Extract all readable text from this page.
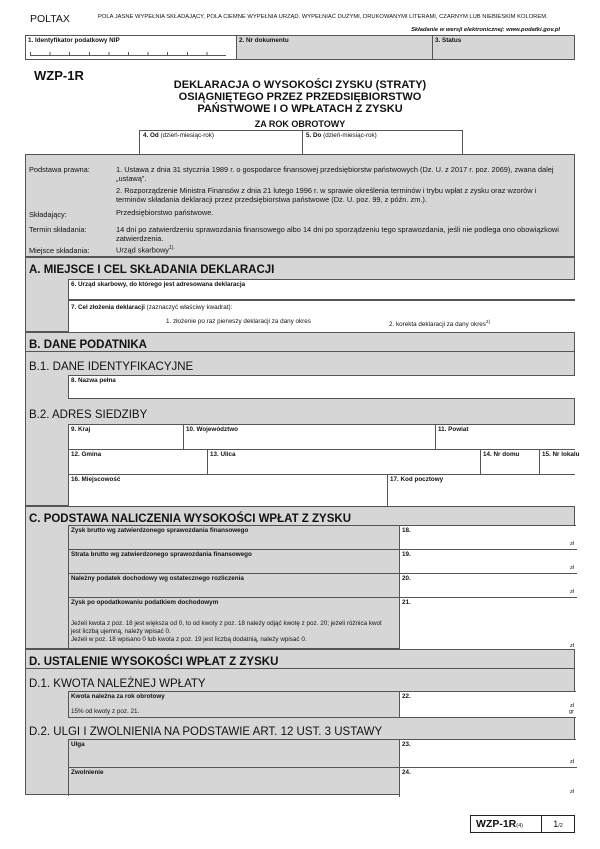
POLTAX	POLA JASNE WYPEŁNIA SKŁADAJĄCY, POLA CIEMNE WYPEŁNIA URZĄD. WYPEŁNIAĆ DUŻYMI, DRUKOWANYMI LITERAMI, CZARNYM LUB NIEBIESKIM KOLOREM.
Składanie w wersji elektronicznej: www.podatki.gov.pl
1. Identyfikator podatkowy NIP	2. Nr dokumentu	3. Status
WZP-1R
DEKLARACJA O WYSOKOŚCI ZYSKU (STRATY)
OSIĄGNIĘTEGO PRZEZ PRZEDSIĘBIORSTWO
PAŃSTWOWE I O WPŁATACH Z ZYSKU
ZA ROK OBROTOWY
4. Od (dzień-miesiąc-rok)	5. Do (dzień-miesiąc-rok)
Podstawa prawna:	1. Ustawa z dnia 31 stycznia 1989 r. o gospodarce finansowej przedsiębiorstw państwowych (Dz. U. z 2017 r. poz. 2069), zwana dalej „ustawą”.
2. Rozporządzenie Ministra Finansów z dnia 21 lutego 1996 r. w sprawie określenia terminów i trybu wpłat z zysku oraz wzorów i terminów składania deklaracji przez przedsiębiorstwa państwowe (Dz. U. poz. 99, z późn. zm.).
Składający:	Przedsiębiorstwo państwowe.
Termin składania:	14 dni po zatwierdzeniu sprawozdania finansowego albo 14 dni po sporządzeniu tego sprawozdania, jeśli nie podlega ono obowiązkowi zatwierdzenia.
Miejsce składania:	Urząd skarbowy$^{1).}$
A. MIEJSCE I CEL SKŁADANIA DEKLARACJI
6. Urząd skarbowy, do którego jest adresowana deklaracja
7. Cel złożenia deklaracji (zaznaczyć właściwy kwadrat):
1. złożenie po raz pierwszy deklaracji za dany okres	2. korekta deklaracji za dany okres$^{2)}$
B. DANE PODATNIKA
B.1. DANE IDENTYFIKACYJNE
8. Nazwa pełna
B.2. ADRES SIEDZIBY
9. Kraj	10. Województwo	11. Powiat
12. Gmina	13. Ulica	14. Nr domu	15. Nr lokalu
16. Miejscowość	17. Kod pocztowy
C. PODSTAWA NALICZENIA WYSOKOŚCI WPŁAT Z ZYSKU
Zysk brutto wg zatwierdzonego sprawozdania finansowego	18.
zł
Strata brutto wg zatwierdzonego sprawozdania finansowego	19.
zł
Należny podatek dochodowy wg ostatecznego rozliczenia	20.
zł
Zysk po opodatkowaniu podatkiem dochodowym
Jeżeli kwota z poz. 18 jest większa od 0, to od kwoty z poz. 18 należy odjąć kwotę z poz. 20; jeżeli różnica kwot jest liczbą ujemną, należy wpisać 0.
Jeżeli w poz. 18 wpisano 0 lub kwota z poz. 19 jest liczbą dodatnią, należy wpisać 0.
21.
zł
D. USTALENIE WYSOKOŚCI WPŁAT Z ZYSKU
D.1. KWOTA NALEŻNEJ WPŁATY
Kwota należna za rok obrotowy
15% od kwoty z poz. 21.
22.
zł
gr
D.2. ULGI I ZWOLNIENIA NA PODSTAWIE ART. 12 UST. 3 USTAWY
Ulga	23.
zł
Zwolnienie	24.
zł
WZP-1R(4)	1/2
